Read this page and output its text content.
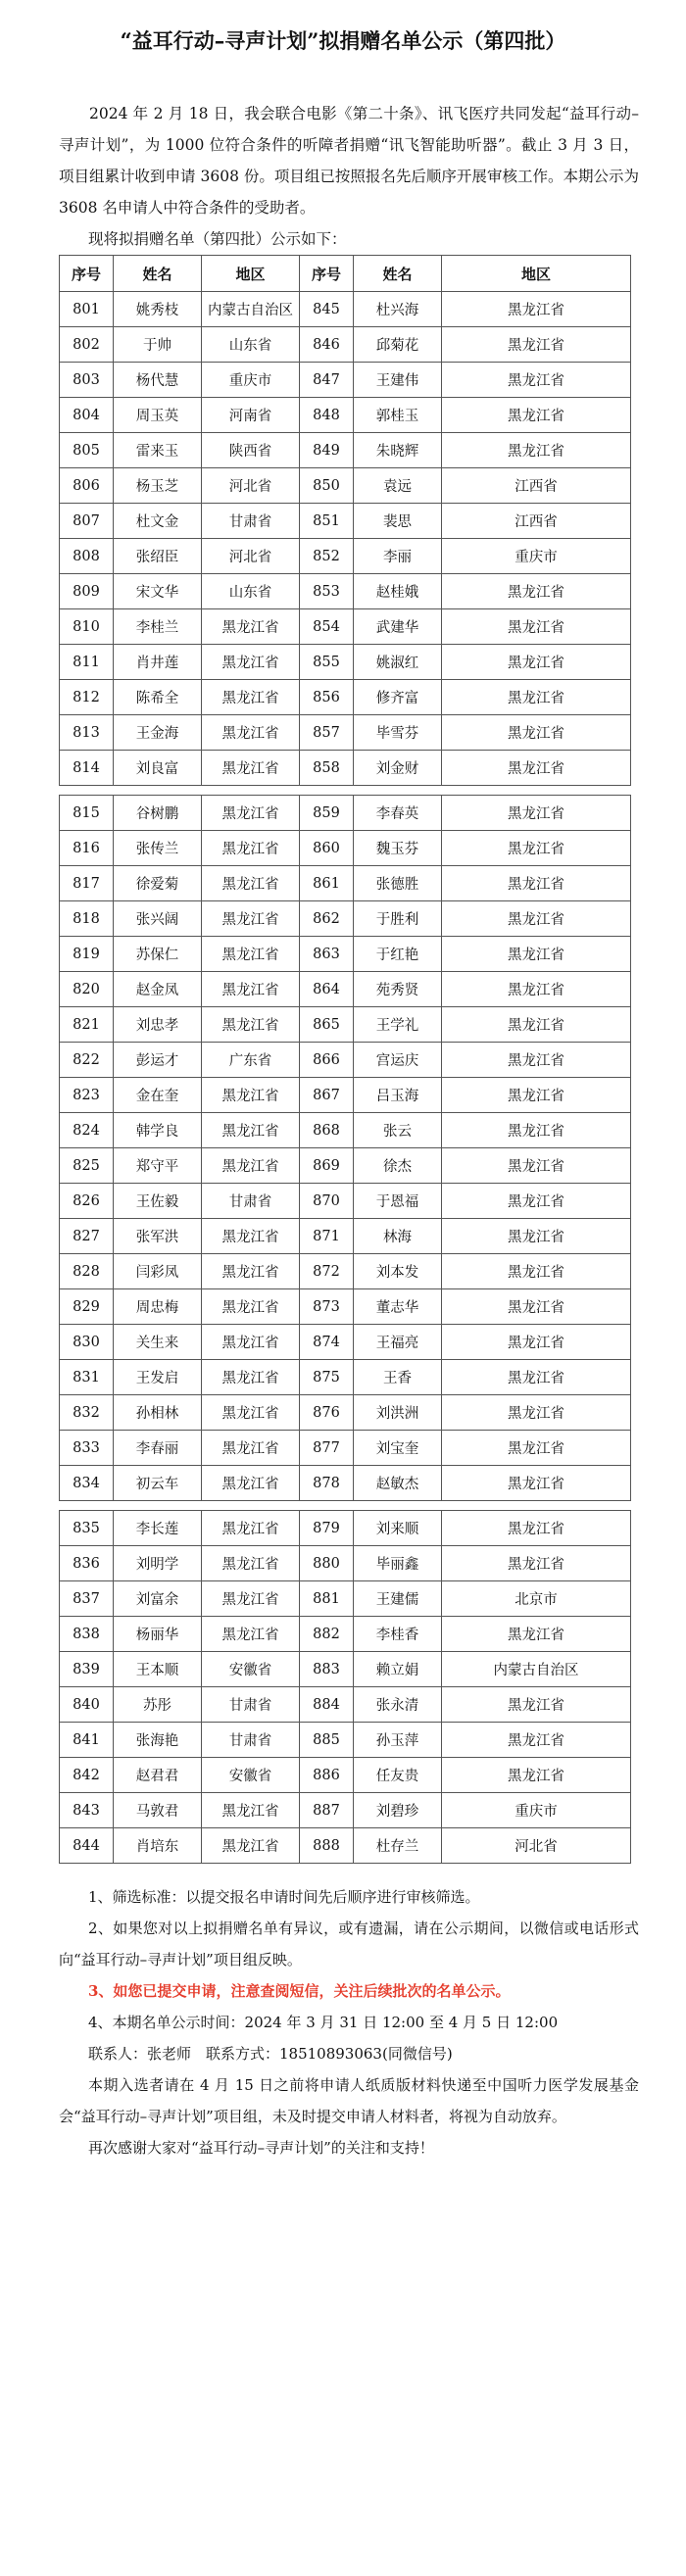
“益耳行动–寻声计划”拟捐赠名单公示（第四批）

2024 年 2 月 18 日，我会联合电影《第二十条》、讯飞医疗共同发起“益耳行动–寻声计划”，为 1000 位符合条件的听障者捐赠“讯飞智能助听器”。截止 3 月 3 日，项目组累计收到申请 3608 份。项目组已按照报名先后顺序开展审核工作。本期公示为 3608 名申请人中符合条件的受助者。

现将拟捐赠名单（第四批）公示如下：

序号	姓名	地区	序号	姓名	地区
801	姚秀枝	内蒙古自治区	845	杜兴海	黑龙江省
802	于帅	山东省	846	邱菊花	黑龙江省
803	杨代慧	重庆市	847	王建伟	黑龙江省
804	周玉英	河南省	848	郭桂玉	黑龙江省
805	雷来玉	陕西省	849	朱晓辉	黑龙江省
806	杨玉芝	河北省	850	袁远	江西省
807	杜文金	甘肃省	851	裴思	江西省
808	张绍臣	河北省	852	李丽	重庆市
809	宋文华	山东省	853	赵桂娥	黑龙江省
810	李桂兰	黑龙江省	854	武建华	黑龙江省
811	肖井莲	黑龙江省	855	姚淑红	黑龙江省
812	陈希全	黑龙江省	856	修齐富	黑龙江省
813	王金海	黑龙江省	857	毕雪芬	黑龙江省
814	刘良富	黑龙江省	858	刘金财	黑龙江省
815	谷树鹏	黑龙江省	859	李春英	黑龙江省
816	张传兰	黑龙江省	860	魏玉芬	黑龙江省
817	徐爱菊	黑龙江省	861	张德胜	黑龙江省
818	张兴阔	黑龙江省	862	于胜利	黑龙江省
819	苏保仁	黑龙江省	863	于红艳	黑龙江省
820	赵金凤	黑龙江省	864	苑秀贤	黑龙江省
821	刘忠孝	黑龙江省	865	王学礼	黑龙江省
822	彭运才	广东省	866	宫运庆	黑龙江省
823	金在奎	黑龙江省	867	吕玉海	黑龙江省
824	韩学良	黑龙江省	868	张云	黑龙江省
825	郑守平	黑龙江省	869	徐杰	黑龙江省
826	王佐毅	甘肃省	870	于恩福	黑龙江省
827	张军洪	黑龙江省	871	林海	黑龙江省
828	闫彩凤	黑龙江省	872	刘本发	黑龙江省
829	周忠梅	黑龙江省	873	董志华	黑龙江省
830	关生来	黑龙江省	874	王福亮	黑龙江省
831	王发启	黑龙江省	875	王香	黑龙江省
832	孙相林	黑龙江省	876	刘洪洲	黑龙江省
833	李春丽	黑龙江省	877	刘宝奎	黑龙江省
834	初云车	黑龙江省	878	赵敏杰	黑龙江省
835	李长莲	黑龙江省	879	刘来顺	黑龙江省
836	刘明学	黑龙江省	880	毕丽鑫	黑龙江省
837	刘富余	黑龙江省	881	王建儒	北京市
838	杨丽华	黑龙江省	882	李桂香	黑龙江省
839	王本顺	安徽省	883	赖立娟	内蒙古自治区
840	苏彤	甘肃省	884	张永清	黑龙江省
841	张海艳	甘肃省	885	孙玉萍	黑龙江省
842	赵君君	安徽省	886	任友贵	黑龙江省
843	马敦君	黑龙江省	887	刘碧珍	重庆市
844	肖培东	黑龙江省	888	杜存兰	河北省

1、筛选标准：以提交报名申请时间先后顺序进行审核筛选。

2、如果您对以上拟捐赠名单有异议，或有遗漏，请在公示期间，以微信或电话形式向“益耳行动–寻声计划”项目组反映。

3、如您已提交申请，注意查阅短信，关注后续批次的名单公示。

4、本期名单公示时间：2024 年 3 月 31 日 12:00 至 4 月 5 日 12:00

联系人：张老师　联系方式：18510893063(同微信号)

本期入选者请在 4 月 15 日之前将申请人纸质版材料快递至中国听力医学发展基金会“益耳行动–寻声计划”项目组，未及时提交申请人材料者，将视为自动放弃。

再次感谢大家对“益耳行动–寻声计划”的关注和支持！
